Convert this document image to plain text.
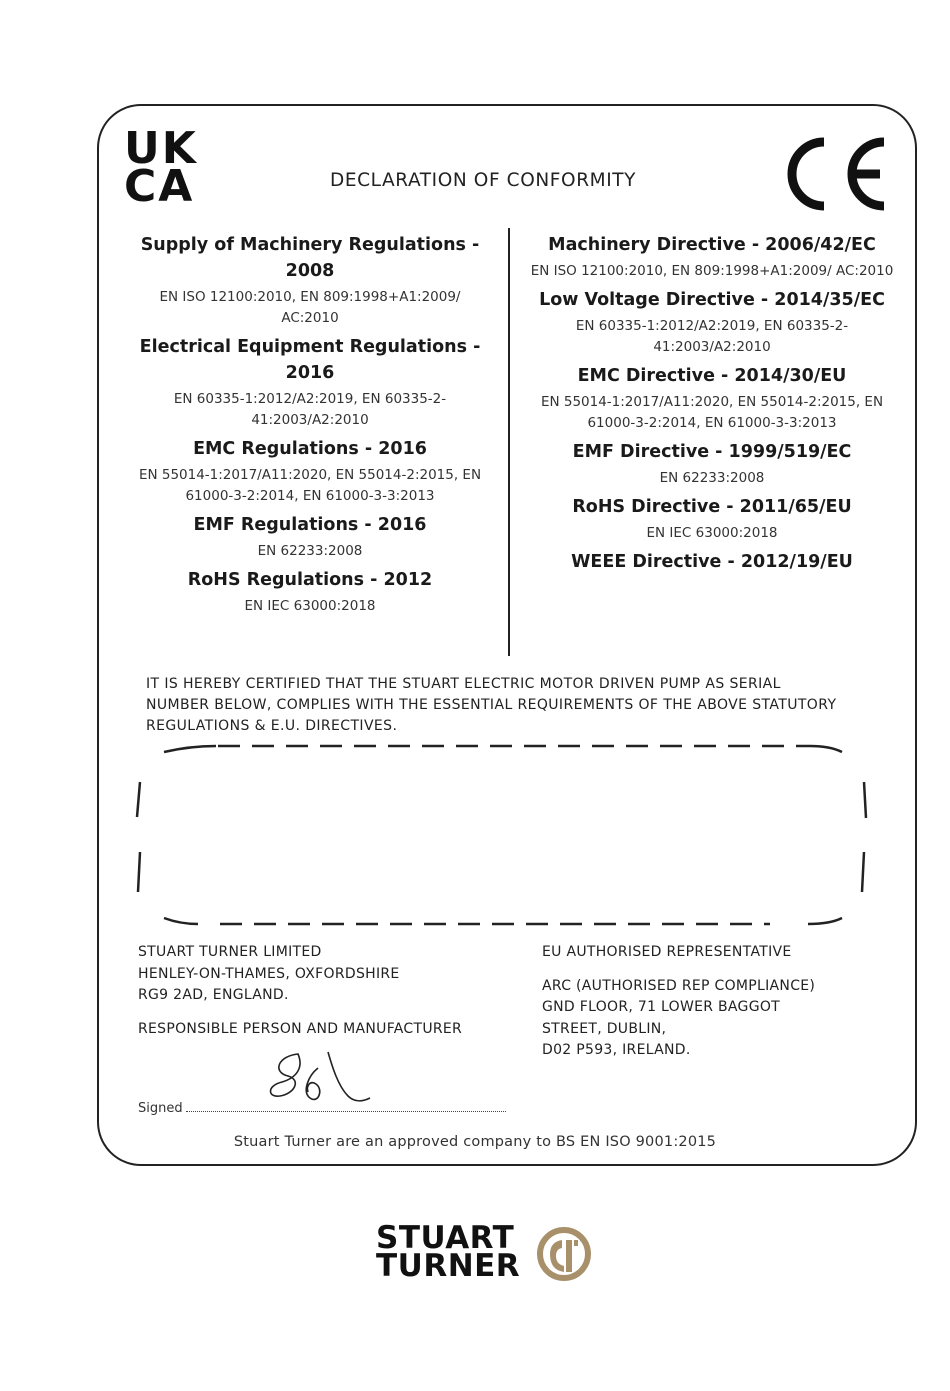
UK
CA	DECLARATION OF CONFORMITY
Supply of Machinery Regulations - 2008
EN ISO 12100:2010, EN 809:1998+A1:2009/ AC:2010
Electrical Equipment Regulations - 2016
EN 60335-1:2012/A2:2019, EN 60335-2-41:2003/A2:2010
EMC Regulations - 2016
EN 55014-1:2017/A11:2020, EN 55014-2:2015, EN 61000-3-2:2014, EN 61000-3-3:2013
EMF Regulations - 2016
EN 62233:2008
RoHS Regulations - 2012
EN IEC 63000:2018
Machinery Directive - 2006/42/EC
EN ISO 12100:2010, EN 809:1998+A1:2009/ AC:2010
Low Voltage Directive - 2014/35/EC
EN 60335-1:2012/A2:2019, EN 60335-2-41:2003/A2:2010
EMC Directive - 2014/30/EU
EN 55014-1:2017/A11:2020, EN 55014-2:2015, EN 61000-3-2:2014, EN 61000-3-3:2013
EMF Directive - 1999/519/EC
EN 62233:2008
RoHS Directive - 2011/65/EU
EN IEC 63000:2018
WEEE Directive - 2012/19/EU
IT IS HEREBY CERTIFIED THAT THE STUART ELECTRIC MOTOR DRIVEN PUMP AS SERIAL NUMBER BELOW, COMPLIES WITH THE ESSENTIAL REQUIREMENTS OF THE ABOVE STATUTORY REGULATIONS & E.U. DIRECTIVES.
STUART TURNER LIMITED
HENLEY-ON-THAMES, OXFORDSHIRE
RG9 2AD, ENGLAND.
RESPONSIBLE PERSON AND MANUFACTURER
EU AUTHORISED REPRESENTATIVE
ARC (AUTHORISED REP COMPLIANCE)
GND FLOOR, 71 LOWER BAGGOT
STREET, DUBLIN,
D02 P593, IRELAND.
Signed
Stuart Turner are an approved company to BS EN ISO 9001:2015
STUART
TURNER
